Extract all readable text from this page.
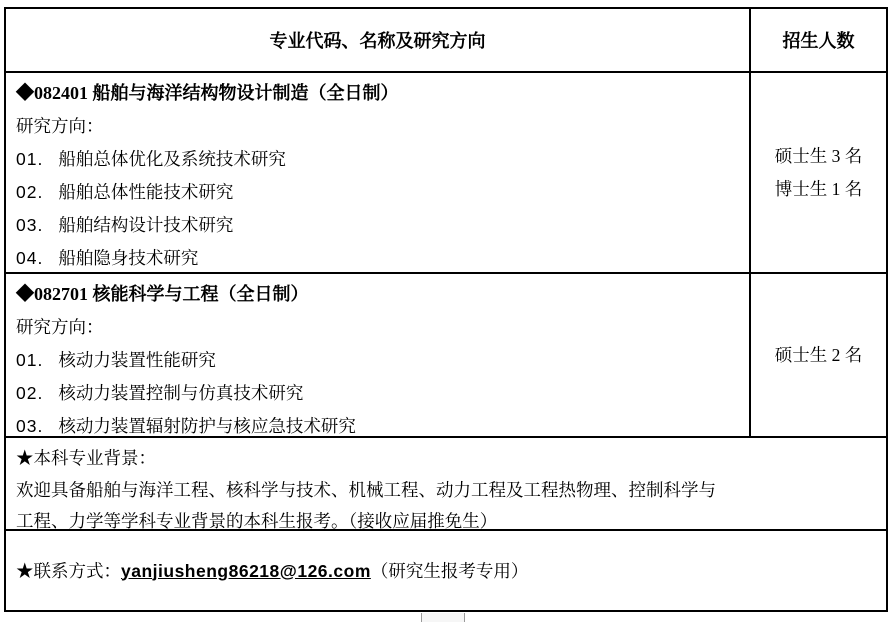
专业代码、名称及研究方向	招生人数
◆082401 船舶与海洋结构物设计制造（全日制）
研究方向：
01. 船舶总体优化及系统技术研究
02. 船舶总体性能技术研究
03. 船舶结构设计技术研究
04. 船舶隐身技术研究
硕士生 3 名
博士生 1 名
◆082701 核能科学与工程（全日制）
研究方向：
01. 核动力装置性能研究
02. 核动力装置控制与仿真技术研究
03. 核动力装置辐射防护与核应急技术研究
硕士生 2 名
★本科专业背景：
欢迎具备船舶与海洋工程、核科学与技术、机械工程、动力工程及工程热物理、控制科学与
工程、力学等学科专业背景的本科生报考。（接收应届推免生）
★联系方式：yanjiusheng86218@126.com（研究生报考专用）
